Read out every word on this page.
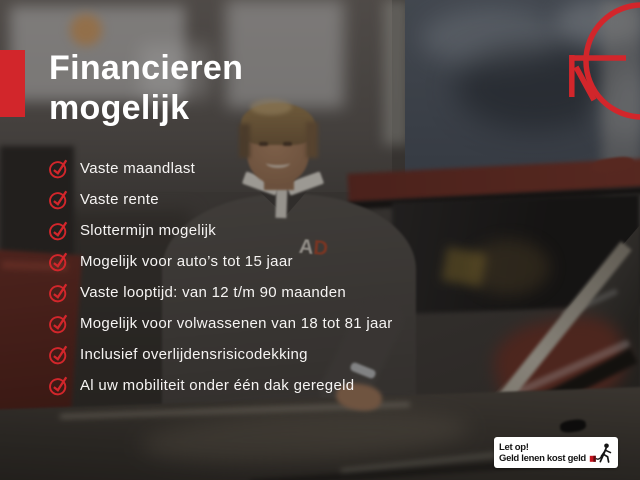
AD
Financieren
mogelijk
Vaste maandlast
Vaste rente
Slottermijn mogelijk
Mogelijk voor auto’s tot 15 jaar
Vaste looptijd: van 12 t/m 90 maanden
Mogelijk voor volwassenen van 18 tot 81 jaar
Inclusief overlijdensrisicodekking
Al uw mobiliteit onder één dak geregeld
Let op!
Geld lenen kost geld
